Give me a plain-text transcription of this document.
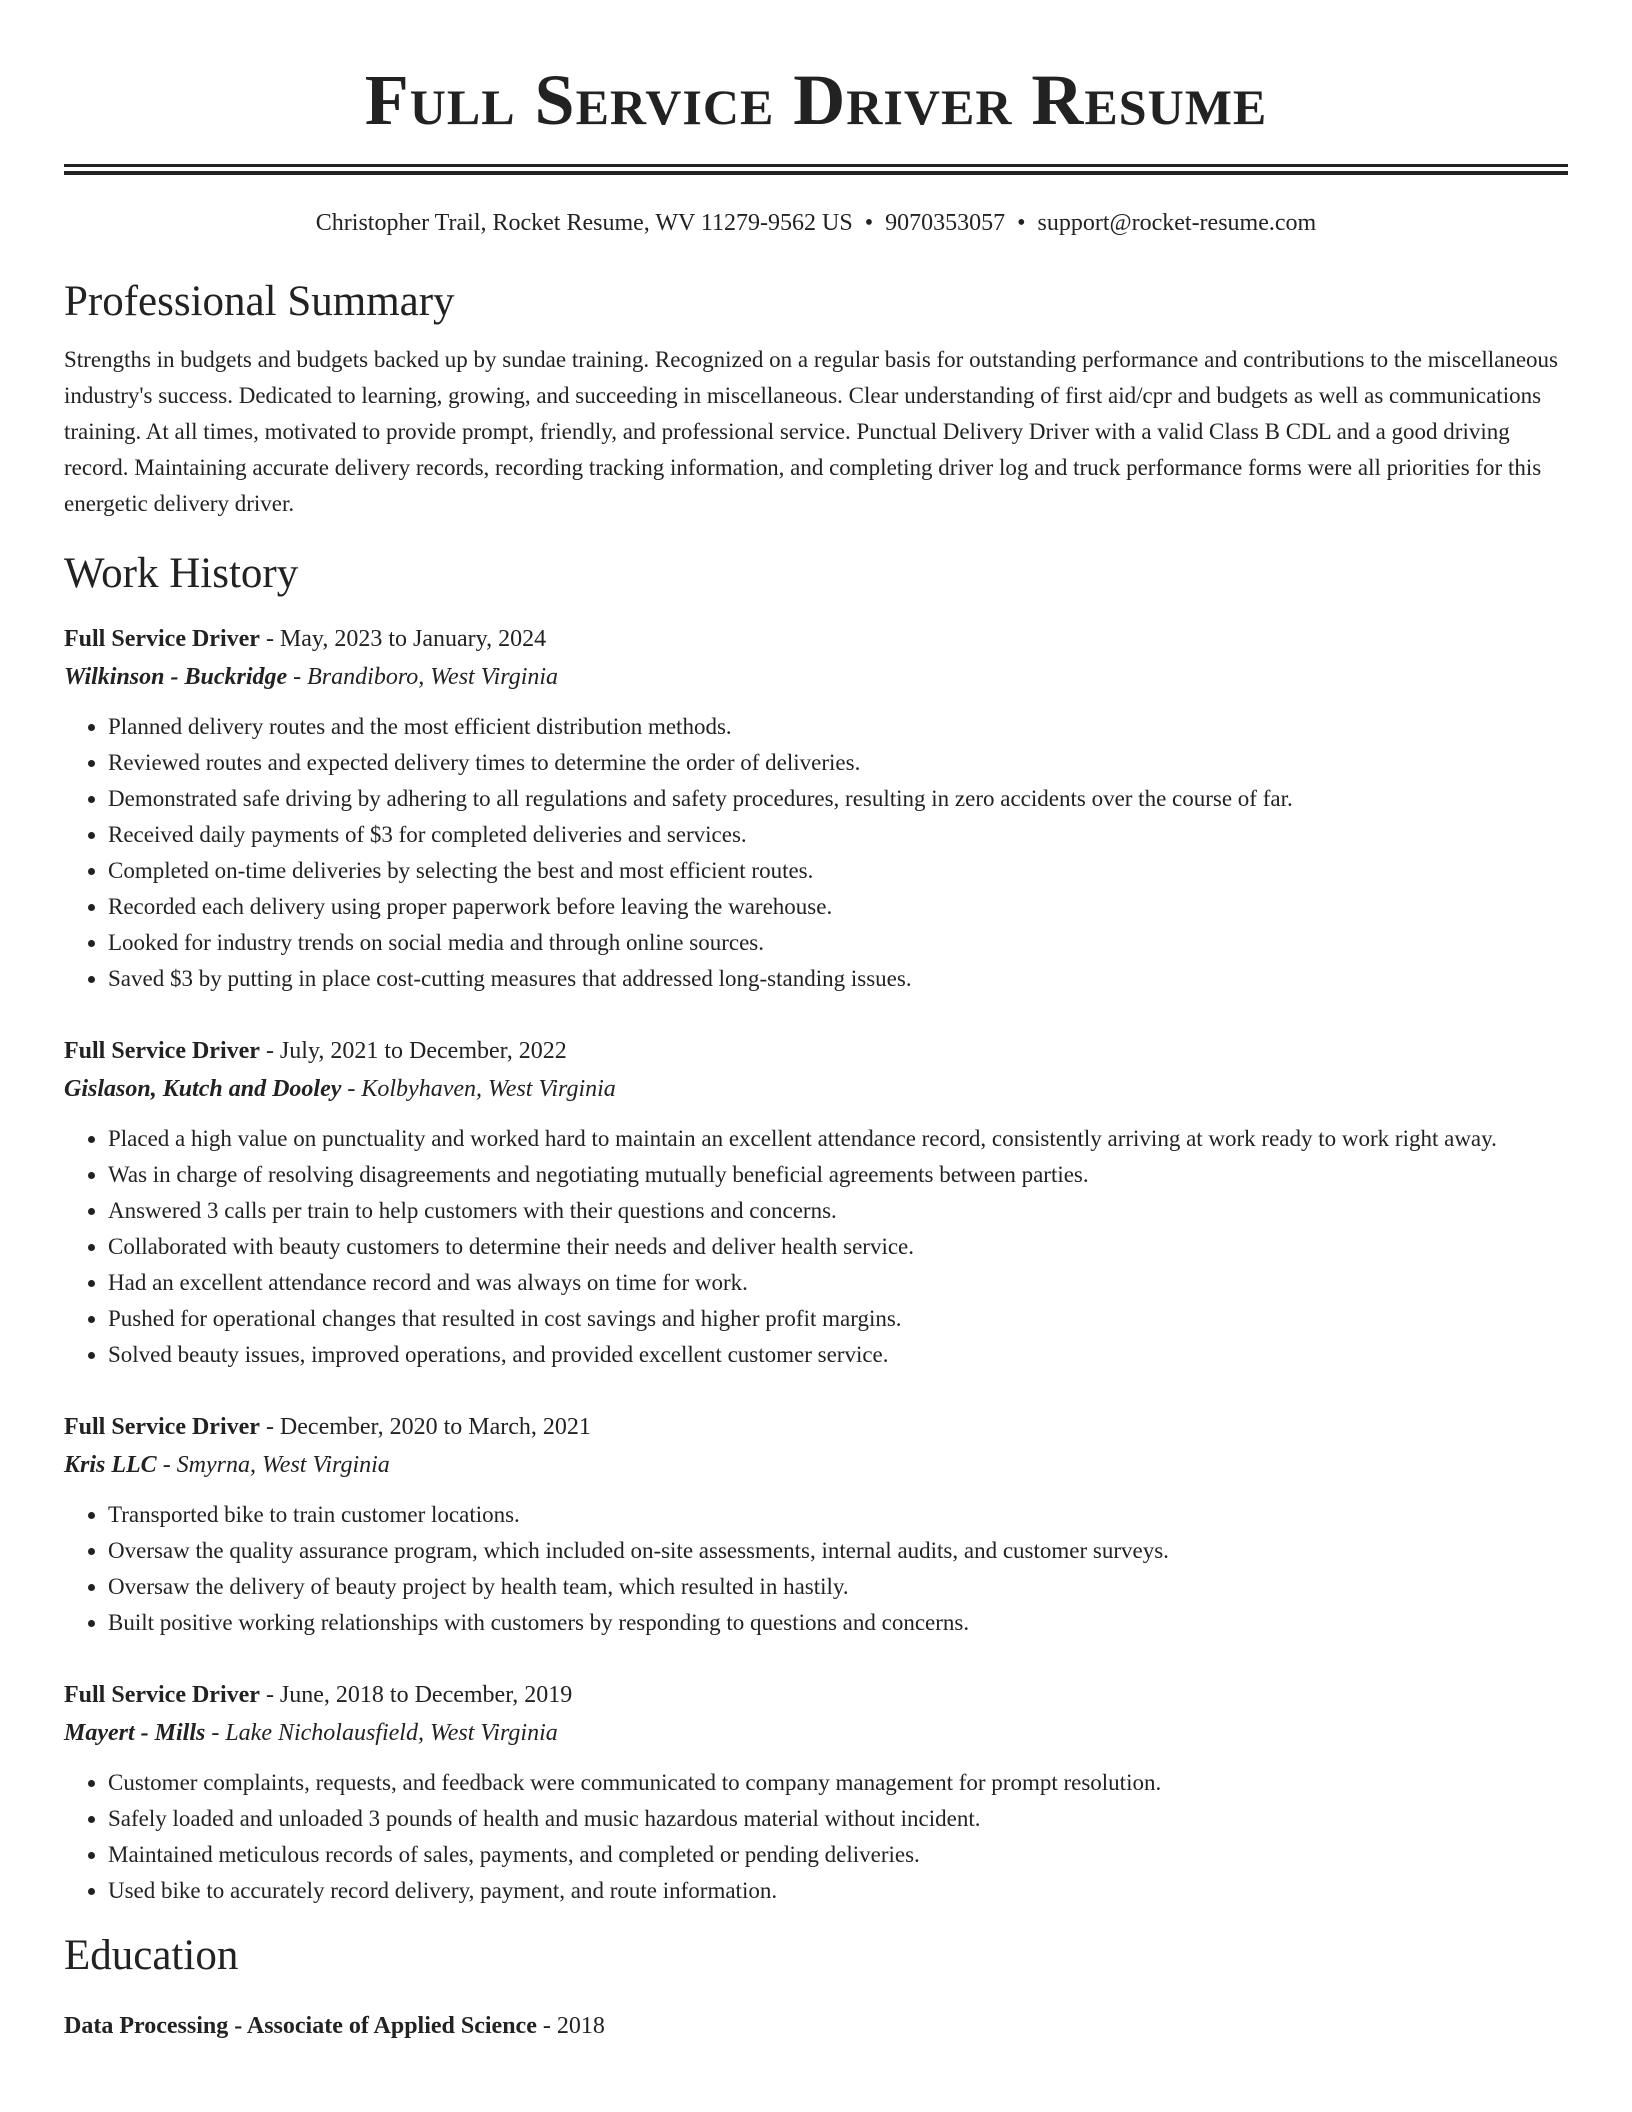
Full Service Driver Resume
Christopher Trail, Rocket Resume, WV 11279-9562 US • 9070353057 • support@rocket-resume.com
Professional Summary

Strengths in budgets and budgets backed up by sundae training. Recognized on a regular basis for outstanding performance and contributions to the miscellaneous industry's success. Dedicated to learning, growing, and succeeding in miscellaneous. Clear understanding of first aid/cpr and budgets as well as communications training. At all times, motivated to provide prompt, friendly, and professional service. Punctual Delivery Driver with a valid Class B CDL and a good driving record. Maintaining accurate delivery records, recording tracking information, and completing driver log and truck performance forms were all priorities for this energetic delivery driver.

Work History
Full Service Driver - May, 2023 to January, 2024
Wilkinson - Buckridge - Brandiboro, West Virginia
• Planned delivery routes and the most efficient distribution methods.
• Reviewed routes and expected delivery times to determine the order of deliveries.
• Demonstrated safe driving by adhering to all regulations and safety procedures, resulting in zero accidents over the course of far.
• Received daily payments of $3 for completed deliveries and services.
• Completed on-time deliveries by selecting the best and most efficient routes.
• Recorded each delivery using proper paperwork before leaving the warehouse.
• Looked for industry trends on social media and through online sources.
• Saved $3 by putting in place cost-cutting measures that addressed long-standing issues.
Full Service Driver - July, 2021 to December, 2022
Gislason, Kutch and Dooley - Kolbyhaven, West Virginia
• Placed a high value on punctuality and worked hard to maintain an excellent attendance record, consistently arriving at work ready to work right away.
• Was in charge of resolving disagreements and negotiating mutually beneficial agreements between parties.
• Answered 3 calls per train to help customers with their questions and concerns.
• Collaborated with beauty customers to determine their needs and deliver health service.
• Had an excellent attendance record and was always on time for work.
• Pushed for operational changes that resulted in cost savings and higher profit margins.
• Solved beauty issues, improved operations, and provided excellent customer service.
Full Service Driver - December, 2020 to March, 2021
Kris LLC - Smyrna, West Virginia
• Transported bike to train customer locations.
• Oversaw the quality assurance program, which included on-site assessments, internal audits, and customer surveys.
• Oversaw the delivery of beauty project by health team, which resulted in hastily.
• Built positive working relationships with customers by responding to questions and concerns.
Full Service Driver - June, 2018 to December, 2019
Mayert - Mills - Lake Nicholausfield, West Virginia
• Customer complaints, requests, and feedback were communicated to company management for prompt resolution.
• Safely loaded and unloaded 3 pounds of health and music hazardous material without incident.
• Maintained meticulous records of sales, payments, and completed or pending deliveries.
• Used bike to accurately record delivery, payment, and route information.
Education
Data Processing - Associate of Applied Science - 2018
